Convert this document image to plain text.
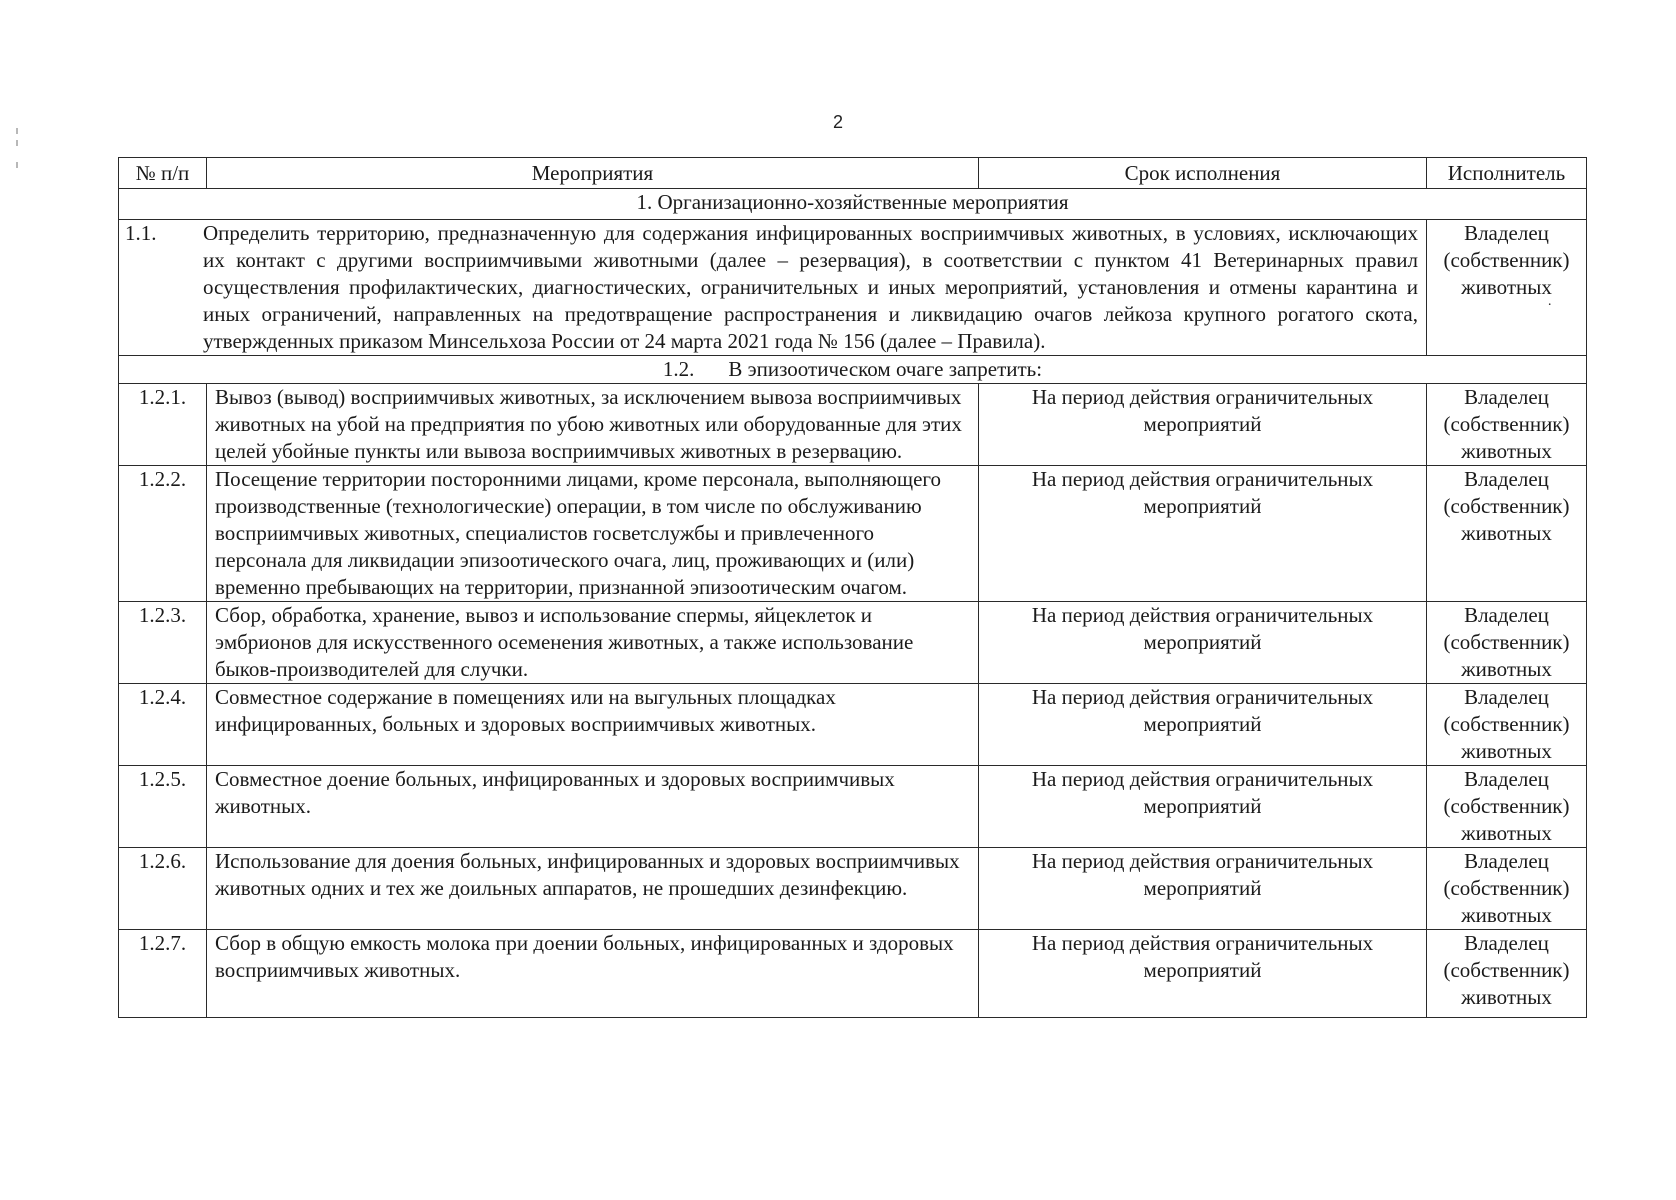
2
№ п/п	Мероприятия	Срок исполнения	Исполнитель
1. Организационно-хозяйственные мероприятия			

1.1. Определить территорию, предназначенную для содержания инфицированных восприимчивых животных, в условиях, исключающих их контакт с другими восприимчивыми животными (далее – резервация), в соответствии с пунктом 41 Ветеринарных правил осуществления профилактических, диагностических, ограничительных и иных мероприятий, установления и отмены карантина и иных ограничений, направленных на предотвращение распространения и ликвидацию очагов лейкоза крупного рогатого скота, утвержденных приказом Минсельхоза России от 24 марта 2021 года № 156 (далее – Правила).			Владелец (собственник) животных
·

1.2. В эпизоотическом очаге запретить:			
1.2.1.	Вывоз (вывод) восприимчивых животных, за исключением вывоза восприимчивых животных на убой на предприятия по убою животных или оборудованные для этих целей убойные пункты или вывоза восприимчивых животных в резервацию.	На период действия ограничительных мероприятий	Владелец (собственник) животных
1.2.2.	Посещение территории посторонними лицами, кроме персонала, выполняющего производственные (технологические) операции, в том числе по обслуживанию восприимчивых животных, специалистов госветслужбы и привлеченного персонала для ликвидации эпизоотического очага, лиц, проживающих и (или) временно пребывающих на территории, признанной эпизоотическим очагом.	На период действия ограничительных мероприятий	Владелец (собственник) животных
1.2.3.	Сбор, обработка, хранение, вывоз и использование спермы, яйцеклеток и эмбрионов для искусственного осеменения животных, а также использование быков-производителей для случки.	На период действия ограничительных мероприятий	Владелец (собственник) животных
1.2.4.	Совместное содержание в помещениях или на выгульных площадках инфицированных, больных и здоровых восприимчивых животных.	На период действия ограничительных мероприятий	Владелец (собственник) животных
1.2.5.	Совместное доение больных, инфицированных и здоровых восприимчивых животных.	На период действия ограничительных мероприятий	Владелец (собственник) животных
1.2.6.	Использование для доения больных, инфицированных и здоровых восприимчивых животных одних и тех же доильных аппаратов, не прошедших дезинфекцию.	На период действия ограничительных мероприятий	Владелец (собственник) животных
1.2.7.	Сбор в общую емкость молока при доении больных, инфицированных и здоровых восприимчивых животных.	На период действия ограничительных мероприятий	Владелец (собственник) животных
